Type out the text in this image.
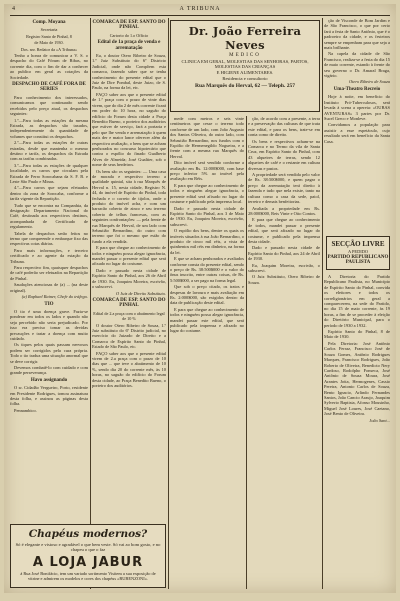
4	A TRIBUNA
Comp. Moyana
Secretaria
Registro Santo de Pinhal, 8
de Maio de 1930.
Dos. snr. Redator da «A Tribuna»

Tenho a honra de comunicar a V. S. o despacho do Café Fórum de Ribas, no corrente dia, com o fim de dar a conhecer ao publico em geral as cotações da Sociedade.

DESPACHO DE CAFÉ FORA DE SERIES

Para conhecimento dos interessados, comunicamos que continuarão sendo recebidos pelo preço atual, os despachos seguintes:

1.º—Para todas as estações da mesma Estrada, as despachos são taxados, independentemente da quantidade de volumes que constitui os despachos.

2.º—Para todas as estações de outras estradas, desde que mantenha o mesmo destino e tarifa, os despachos da Estrada com as tarifas combinadas.

3.º—Para todas as estações de qualquer localidade, os carros que circulam pela Estrada de Ferro Sorocabana da S. F. B. e Leste São Paulo e Minas.

4.º—Para carros que sejam efetuados dentro da zona de Sorocaba, conforme a tarifa vigente da Repartição.

Tudo que se encontra na Companhia, da designação Departamento Nacional do Café, destinada aos respectivos destinos, acompanhada de Certificado de regulamento.

Tabela de despachos serão feitos no termo que compreende o embarque fixo das respectivas cotas diárias.

Para mais informações, e terceiro certificado e ao agente da estação da Tribuna.

Para respectivo fim, quaisquer despachos de café poderão ser efetuados na Repartição de Pinhal.

Saudações atenciosas de (a) ... (na deste original).

(a) Raphael Rainer, Chefe do tráfego.
TIO

O tio é uma doença grave. Fazia-se ponderar em todos os lados e quando não seja percebido não seria prejudicado. Por isso era preciso tomar as devidas precauções e tratar a doença com muito cuidado.

Os tiques pelos quais passam nervosos podem ser corrigidos pela cura própria. Todo o tio traduz uma situação anormal que se deve corrigir.

Devemos combatê-lo com cuidado e com grande perseverança.

Havo assignando

O sr. Cidadão Vergueiro, Porto, residente em Presidente Rodrigues, tomou assinatura desta folha, e assinou as páginas desta folha.

Pennambico.

Chapéus modernos?
Só é elegante e vistoso e agradável o que bem veste. Só vai ao bom gosto, e no chapeu o que o faz
A LOJA JABUR
á Rua José Bonifácio, tem um variado sortimento Visitem a sua exposição de vitrine e admirem os modelos e cores dos chapéus «RUBENZONI».
COMARCA DE ESP. SANTO DO PINHAL
Cartorio do 1.o Officio
Edital de 1a praça de venda e arrematação

Eu, o doutor Otero Ribeiro de Souza, 1.º Juiz Substituto do 6º Districto Judicial, onde não Compõem esta comarca, fazendo saber que se tenha conhecimento do presente edital que o Juiz de Dire Pombal, deste Juizo, de S. Paulo, na forma da lei, etc.

FAÇO saber aos que o presente edital de 1.ª praça com o prazo de vinte dias virem, que do dia 2 de mês corrente ficará em poder do 10 hora, no saguão do edifício do Forum desta cidade a Praça Benedito Bueno, o porteiro dos auditórios que estiver de serviço, fará a portaria e pelo que lhe venda e arrematação à quem mais der e maior lance oferecer além da respectiva avaliação, o bens que se acham penhorados no concurso hipotecário que contra o espólio do finado Gualberto Alves de Almeida; José Gualtier, sob o nome de seus herdeiros.

Os bens são os seguintes: — Uma casa de morada e respectivo terreno a qualidade quintal, sita à rua Marquês de Herval n. 15, nesta cidade, Registro N. 44, do imóvel de Espírito do Pinhal, toda fechada e o correio de tijolos, onde o produto do imóvel acha, e com um barracão coberto de zinco e seu terreno coberto de telhas francesas, com as seguintes confrontações: — pela frente de rua Marquês de Herval, de um lado com Sebastião Bernardino, do outro com terreno que foi o mesmo que estão do fundo a ela vendida.

E para que chegue ao conhecimento de todos e ninguém possa alegar ignorância, mandei passar o presente edital que será afixado no lugar do costume.

Dado e passado nesta cidade de Espírito Santo do Pinhal, aos 26 de Abril de 1930. Eu, Joaquim Moreira, escrivão, o subscrevi.

O Juiz de Direito Substituto.
COMARCA DE ESP. SANTO DO PINHAL
Edital de 2.a praça com o abatimento legal de 10 %

O doutor Otero Ribeiro de Souza, 1.º Juiz substituto do 6º Distrito judicial, no exercício do Juizado de Direito e a Comarca de Espírito Santo do Pinhal, Estado de São Paulo, etc.

FAÇO saber aos que o presente edital virem de 2.a praça com o prazo de 10 dias que ... que teve o abatimento de 10 %, sendo dia 20 do corrente mês, às 10 horas, no saguão do edifício do Forum desta cidade, ao Praça Benedito Bueno, o porteiro dos auditórios.

Dr. João Ferreira Neves
MEDICO
CLINICA EM GERAL, MOLESTIAS DAS SENHORAS, PARTOS, MOLESTIAS DAS CRIANÇAS
E HIGIENE ALIMENTARES.
Residencia e consultorio
Rua Marquês do Herval, 62 — Teleph. 257

mede com metros e seis vinte centímetros que cesse o terreno todo conforme de um lado, com João Augusto dos Santos Oliveira, do outro lado, com Sebastião Bernardino, nos fundos com o Espólio de Hermenegildo Nogueira, e a frente com a mesma rua Marquês do Herval.

Dito imóvel será vendido conforme a avaliação em Rs. 12:000$000, com base preço inferior 5% ao imóvel pela avaliação em Réis.

E para que chegue ao conhecimento de todos e ninguém alegue ignorância, o presente edital será afixado no lugar do costume e publicado pela imprensa local.

Dado e passado nesta cidade de Espírito Santo do Pinhal, aos 3 de Maio de 1930. Eu, Joaquim Moreira, escrivão, subscrevi.

O espólio dos bens, dentre os quais os imóveis situados à rua João Bernardino, o produto de cinco mil réis, a vista de quinhentos mil réis em dinheiro, na forma da lei.

E que se acham penhorados e avaliados conforme consta do presente edital, sendo o preço de Rs. 38:500$000 e o valor do ônus inscrito, entre outras coisas, de Rs. 5:500$000, a ser pago na forma legal.

Que sob o preço citado, os tratos e despesas de lavoura e mais avaliação em Rs. 2:000$000, são exigidos dentro da data de publicação deste edital.

E para que chegue ao conhecimento de todos e ninguém possa alegar ignorância, mandei passar este edital, que será publicado pela imprensa e afixado no lugar do costume.

ção, de acordo com a presente, a terra e a preservação das culturas de que trata este edital, e para os bens, trate-se em conta como de direito.

Os bens e respectivos acham-se na Comarca e no Termo da vila de Santa Cruz, em Espírito Santo do Pinhal, com 43 alqueires de terras, sendo 12 alqueires de café e o restante em cultura diversas e pastos.

A propriedade será vendida pelo valor de Rs. 38:500$000, e quem pagar o preço da arrematação terá direito à fazenda e tudo que nela existe, tanto na cultura como a casa da sede, paiol, terreiro e demais benfeitorias.

Avaliada a propriedade em Rs. 28:000$000, Reis Vinte e Oito Contos.

E para que chegue ao conhecimento de todos, mandei passar o presente edital, que será afixado no lugar do costume, e publicado pela imprensa desta cidade.

Dado e passado nesta cidade de Espírito Santo do Pinhal, aos 24 de Abril de 1930.

Eu, Joaquim Moreira, escrivão, o subscrevi.

O Juiz Substituto, Otero Ribeiro de Souza.

ção de Visconde de Bom Jardim e de São Francisco, o que por certo fará a festa de Santo Antônio, que é o padroeiro da cidade, e os festeiros sempre se empenham para que seja a mais brilhante.

Na capela da cidade de São Francisco, realiza-se a festa do dia 15 de maio corrente, estando à frente do seu governo o Dr. Amaral Braga, vigário.

Otero Ribeiro de Souza
Uma-Theatro Recreio

Hoje à noite, em benefício do Instituto Pró-Tuberculosos, será levada à scena a opereta: «OUBAS AVENTURAS» 3 partes por Dr. Sucel Greco e Monleve.

Convidamos a população para assistir a esse espetáculo, cujo resultado será em benefício da Santa Casa.

SECÇÃO LIVRE
A PEDIDO
PARTIDO REPUBLICANO PAULISTA

A Diretoria do Partido Republicano Paulista, no Município de Espírito Santo do Pinhal, convida os eleitores e todos os correligionários em geral a comparecerem, na sede do Partido, no dia 15 de maio corrente, às 19 horas, a fim de se proceder à eleição do Diretório Municipal, para o período de 1930 a 1932.

Espírito Santo do Pinhal, 8 de Maio de 1930.

Pela Diretoria: José Antônio Carlos Ferraz, Francisco José de Souza Gomes, Antônio Rodrigues Marques, Francisco Rodrigues, João Roberto de Oliveira, Benedicto Nery Cardoso, Rodolpho Fonseca, José Antônio de Souza Moura, José Arantes Jotta, Hermogenes, Cassio Pereira, Antonio Carlos de Souza, Bento Ignacio, Arlindo Fernandes Santos, João Cancio Araujo, Joaquim Sylverio Baptista, Afonso Mousinho, Miguel José Loures, José Caetano, José Bento de Oliveira.

João Sant...
